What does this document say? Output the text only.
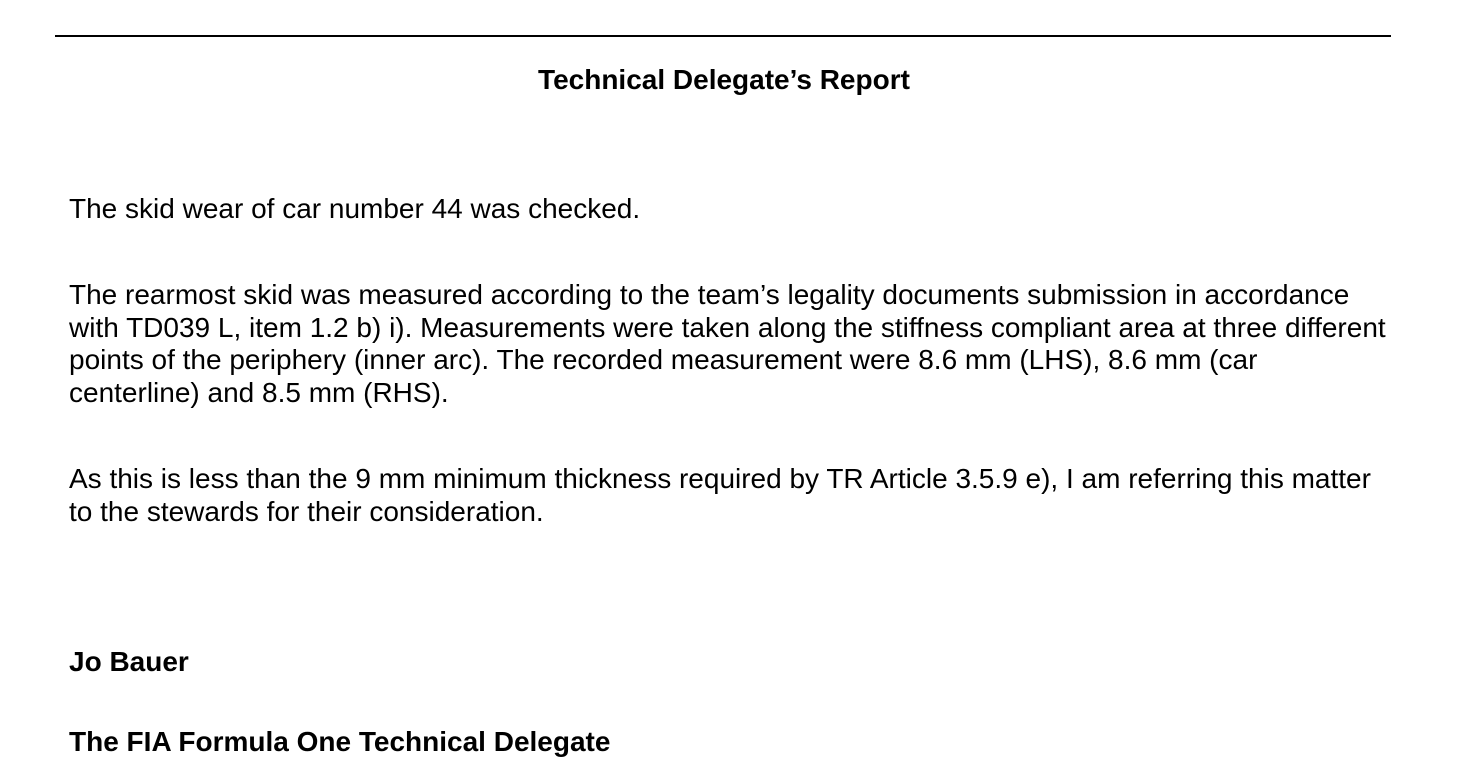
Technical Delegate’s Report

The skid wear of car number 44 was checked.

The rearmost skid was measured according to the team’s legality documents submission in accordance with TD039 L, item 1.2 b) i). Measurements were taken along the stiffness compliant area at three different points of the periphery (inner arc). The recorded measurement were 8.6 mm (LHS), 8.6 mm (car centerline) and 8.5 mm (RHS).

As this is less than the 9 mm minimum thickness required by TR Article 3.5.9 e), I am referring this matter to the stewards for their consideration.

Jo Bauer

The FIA Formula One Technical Delegate
